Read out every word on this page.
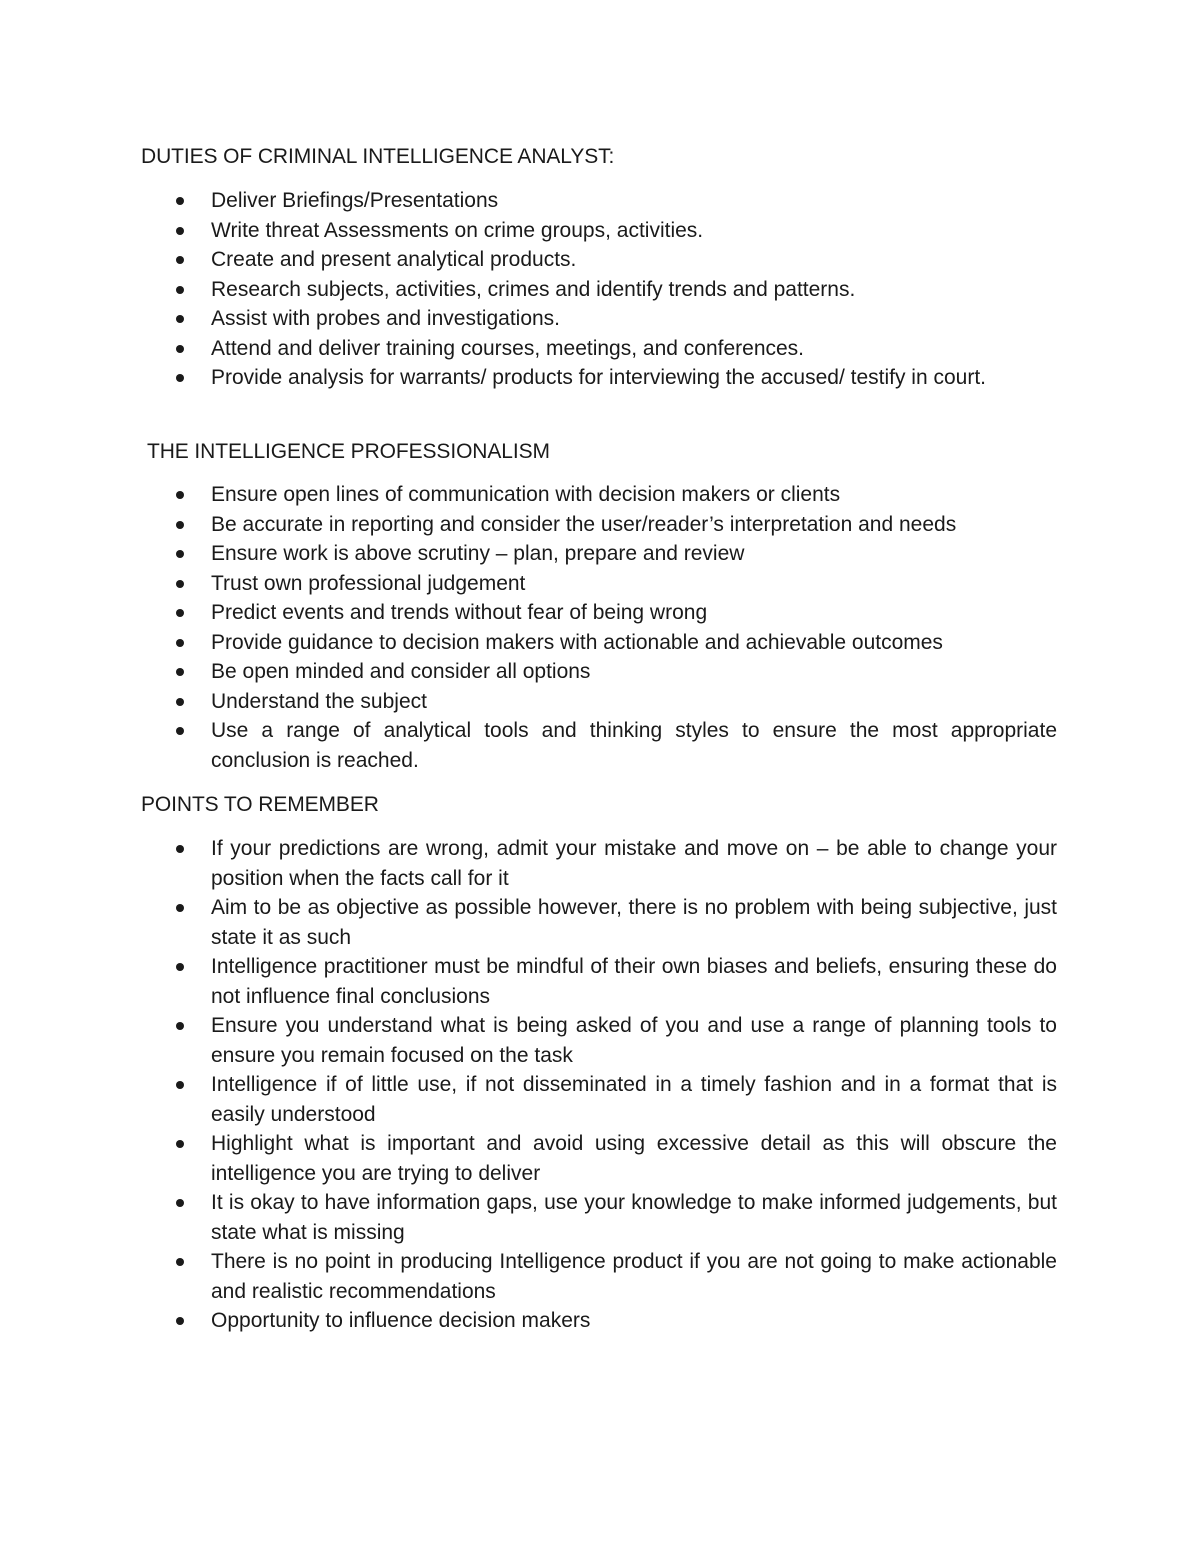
DUTIES OF CRIMINAL INTELLIGENCE ANALYST:
Deliver Briefings/Presentations
Write threat Assessments on crime groups, activities.
Create and present analytical products.
Research subjects, activities, crimes and identify trends and patterns.
Assist with probes and investigations.
Attend and deliver training courses, meetings, and conferences.
Provide analysis for warrants/ products for interviewing the accused/ testify in court.
THE INTELLIGENCE PROFESSIONALISM
Ensure open lines of communication with decision makers or clients
Be accurate in reporting and consider the user/reader’s interpretation and needs
Ensure work is above scrutiny – plan, prepare and review
Trust own professional judgement
Predict events and trends without fear of being wrong
Provide guidance to decision makers with actionable and achievable outcomes
Be open minded and consider all options
Understand the subject
Use a range of analytical tools and thinking styles to ensure the most appropriate conclusion is reached.
POINTS TO REMEMBER
If your predictions are wrong, admit your mistake and move on – be able to change your position when the facts call for it
Aim to be as objective as possible however, there is no problem with being subjective, just state it as such
Intelligence practitioner must be mindful of their own biases and beliefs, ensuring these do not influence final conclusions
Ensure you understand what is being asked of you and use a range of planning tools to ensure you remain focused on the task
Intelligence if of little use, if not disseminated in a timely fashion and in a format that is easily understood
Highlight what is important and avoid using excessive detail as this will obscure the intelligence you are trying to deliver
It is okay to have information gaps, use your knowledge to make informed judgements, but state what is missing
There is no point in producing Intelligence product if you are not going to make actionable and realistic recommendations
Opportunity to influence decision makers
